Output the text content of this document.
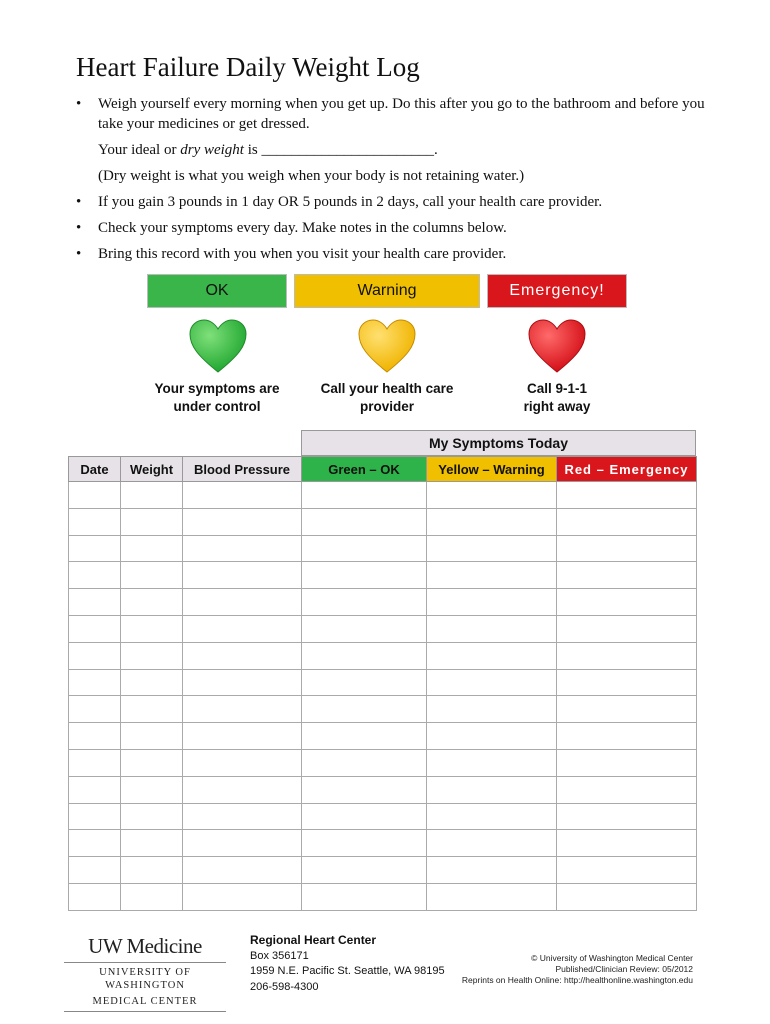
Heart Failure Daily Weight Log
• Weigh yourself every morning when you get up. Do this after you go to the bathroom and before you take your medicines or get dressed.
Your ideal or dry weight is _______________________.
(Dry weight is what you weigh when your body is not retaining water.)
• If you gain 3 pounds in 1 day OR 5 pounds in 2 days, call your health care provider.
• Check your symptoms every day. Make notes in the columns below.
• Bring this record with you when you visit your health care provider.
OK	Warning	Emergency!
Your symptoms are
under control
Call your health care
provider
Call 9-1-1
right away
My Symptoms Today
Date	Weight	Blood Pressure	Green – OK	Yellow – Warning	Red – Emergency

UW Medicine
UNIVERSITY OF WASHINGTON
MEDICAL CENTER
Regional Heart Center
Box 356171
1959 N.E. Pacific St. Seattle, WA 98195
206-598-4300
© University of Washington Medical Center
Published/Clinician Review: 05/2012
Reprints on Health Online: http://healthonline.washington.edu
